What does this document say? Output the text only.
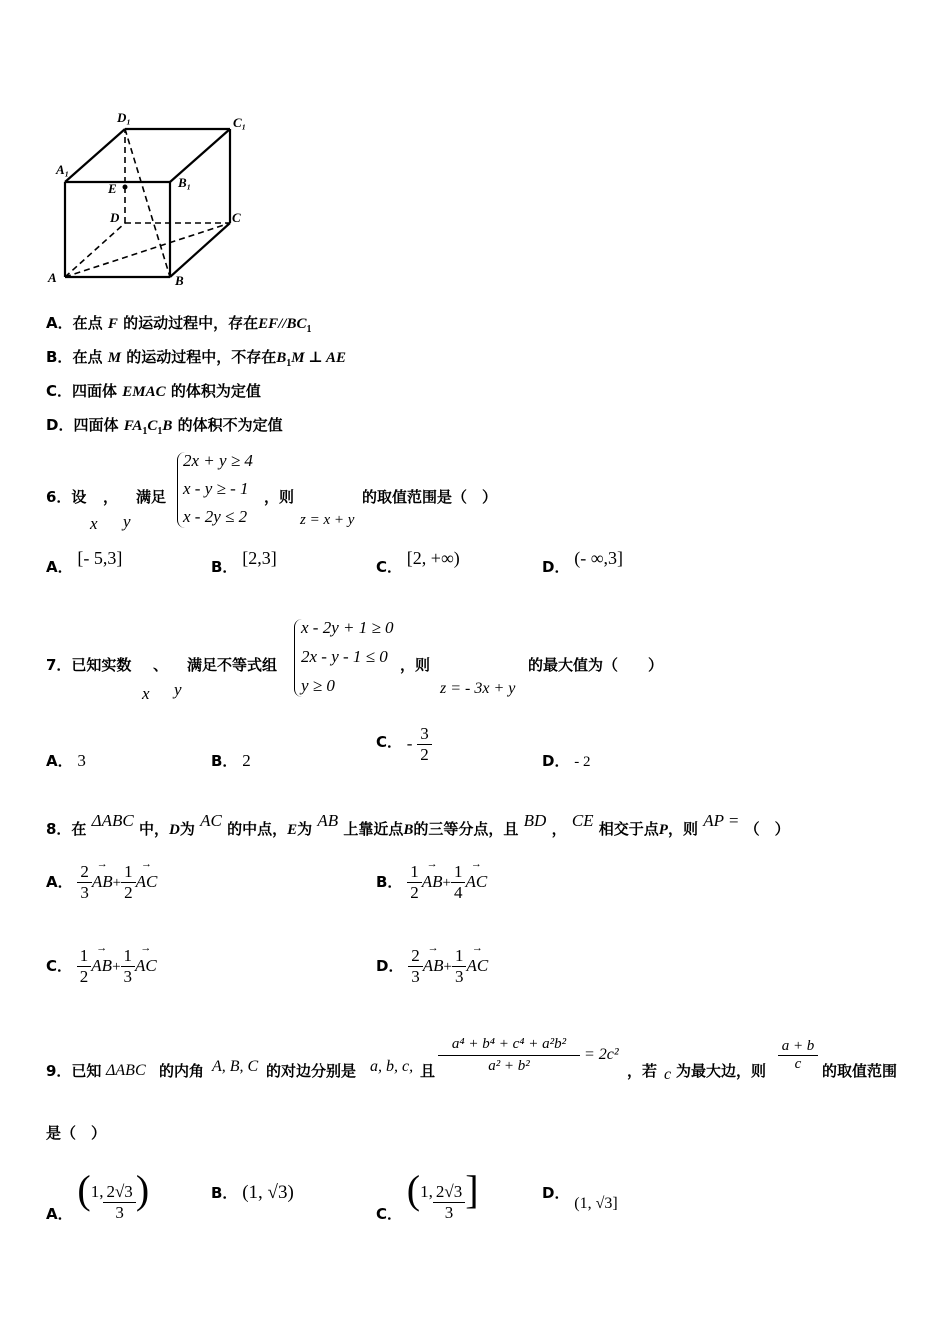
D₁	C₁
A₁
B₁
E
D	C
A	B
A．在点 F 的运动过程中，存在$EF//BC_1$
B．在点 M 的运动过程中，不存在$B_1M$ ⊥ AE
C．四面体 EMAC 的体积为定值
D．四面体 $FA_1C_1B$ 的体积不为定值
6．设 ， 满足
x y
2x + y ≥ 4
x - y ≥ - 1
x - 2y ≤ 2
，则
z = x + y
的取值范围是（　）
A． [- 5,3]	B． [2,3]	C． [2, +∞)	D． (- ∞,3]
7．已知实数 、 满足不等式组
x y
x - 2y + 1 ≥ 0
2x - y - 1 ≤ 0
y ≥ 0
，则
z = - 3x + y
的最大值为（　　）
A． 3	B． 2
C． - $\frac{3}{2}$	D． - 2
8．在 ΔABC 中，D为 AC 的中点，E为 AB 上靠近点B的三等分点，且 BD ， CE 相交于点P，则 AP = （　）
A． $\frac{2}{3}$
→ $AB+ \frac{1}{2}$
→ AC	B． $\frac{1}{2}$
→ $AB+ \frac{1}{4}$
→ AC
C． $\frac{1}{2}$
→ $AB+ \frac{1}{3}$
→ AC	D． $\frac{2}{3}$
→ $AB+ \frac{1}{3}$
→ AC
9．已知 ΔABC 的内角 A, B, C 的对边分别是 a, b, c, 且
a⁴ + b⁴ + c⁴ + a²b²
a² + b²
= 2c²
，若 c 为最大边，则
a + b
c	的取值范围
是（　）
A． (1, $\frac{2√3}{3}$ )	B． (1, √3)
C． (1, $\frac{2√3}{3}$ ]	D． (1, √3]
